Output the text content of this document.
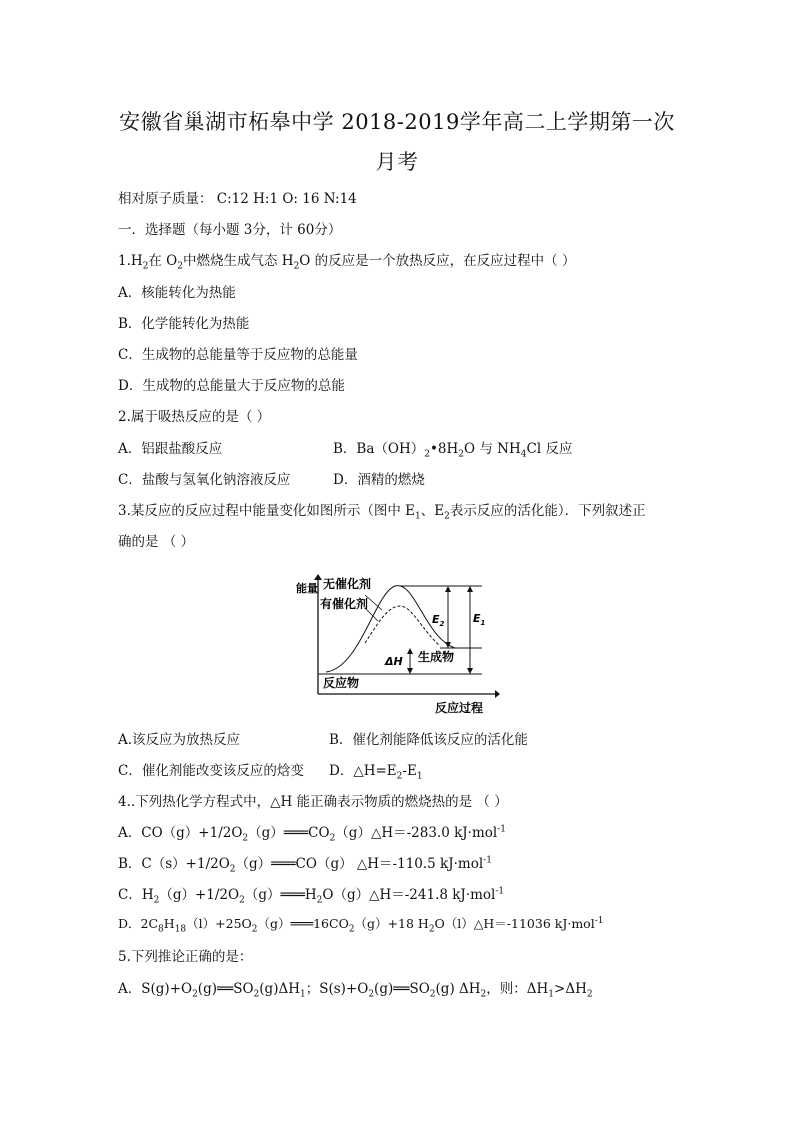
安徽省巢湖市柘皋中学 2018-2019学年高二上学期第一次
月考
相对原子质量： C:12 H:1 O: 16 N:14
一．选择题（每小题 3分，计 60分）
$1.H_2$在 $O_2$中燃烧生成气态 $H_2O$ 的反应是一个放热反应，在反应过程中（ ）
A．核能转化为热能
B．化学能转化为热能
C．生成物的总能量等于反应物的总能量
D．生成物的总能量大于反应物的总能
2.属于吸热反应的是（ ）
A．铝跟盐酸反应	B．$Ba(OH)_2•8H_2O$ 与 $NH_4Cl$ 反应
C．盐酸与氢氧化钠溶液反应	D．酒精的燃烧
3.某反应的反应过程中能量变化如图所示（图中 $E_1$、$E_2$表示反应的活化能）．下列叙述正
确的是 （ ）
能量 无催化剂
有催化剂
$E_2$	$E_1$
ΔH 生成物
反应物
反应过程
A.该反应为放热反应	B．催化剂能降低该反应的活化能
C．催化剂能改变该反应的焓变 D．$\triangle H=E_2-E_1$
4..下列热化学方程式中，△H 能正确表示物质的燃烧热的是 （ ）
A．$CO(g)+1/2O_2(g)═══CO_2(g)\triangle H=-283.0$ kJ·mol$^{-1}$
B．$C(s)+1/2O_2(g)═══CO(g)$ △H＝-110.5 kJ·mol$^{-1}$
C．$H_2(g)+1/2O_2(g)═══H_2O(g)\triangle H=-241.8$ kJ·mol$^{-1}$
D．$2C_8H_{18}(l)+25O_2(g)═══16CO_2(g)+18$ $H_2O(l)\triangle H=-11036$ kJ·mol$^{-1}$
5.下列推论正确的是：
A．$S(g)+O_2(g)══SO_2(g)\Delta H_1$；$S(s)+O_2(g)══SO_2(g)$ $\Delta H_2$，则：$\Delta H_1>\Delta H_2$
